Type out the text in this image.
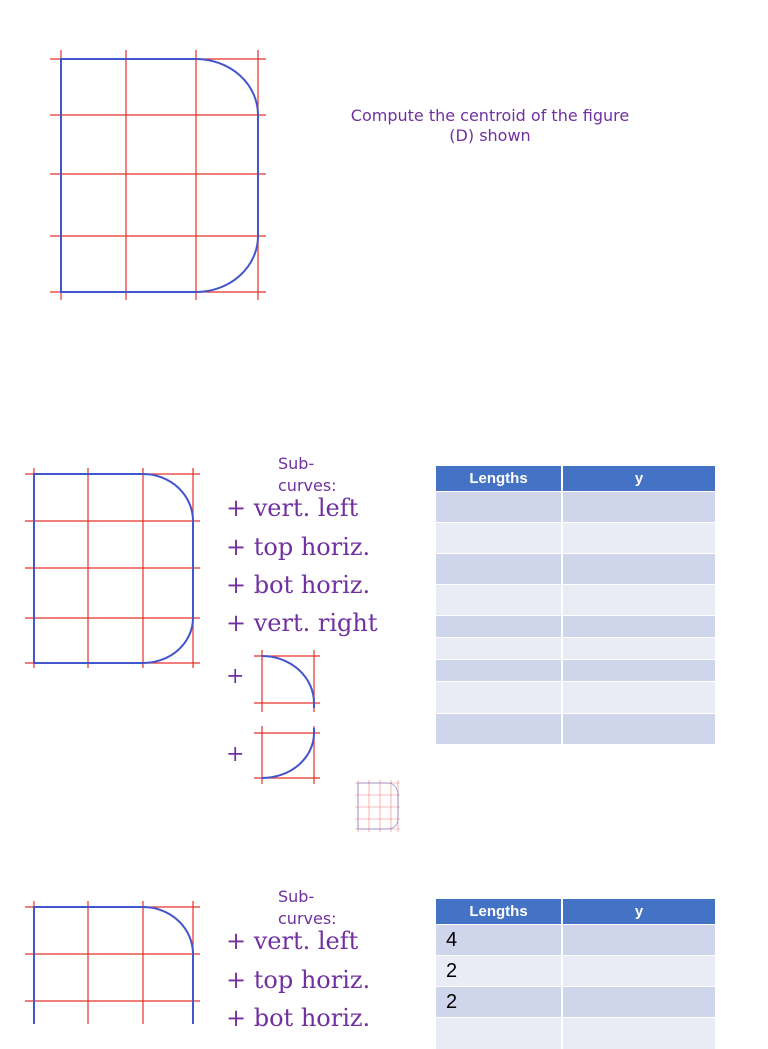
Compute the centroid of the figure
(D) shown
Sub-curves:
+ vert. left
+ top horiz.
+ bot horiz.
+ vert. right
+
+
Lengths	y

Sub-curves:
+ vert. left
+ top horiz.
+ bot horiz.
Lengths	y
4	
2	
2	
